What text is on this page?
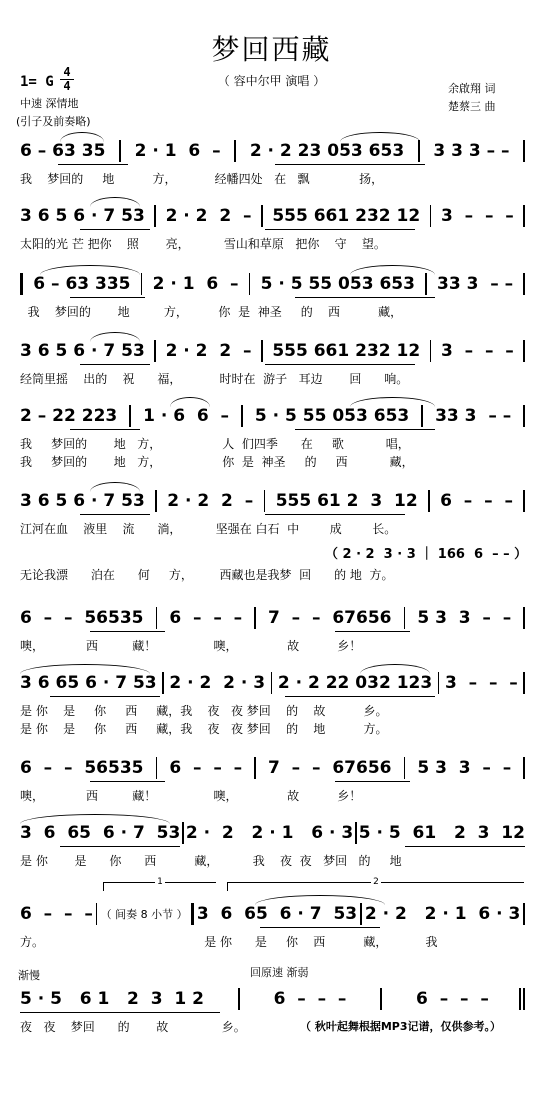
梦回西藏
（ 容中尔甲 演唱 ）
1= G
4
4
中速 深情地
(引子及前奏略)
余啟翔 词
楚蔡三 曲
6 – 63 35 2 · 1  6  – 2 · 2 23 053 653 3 3 3 – –
我    梦回的     地          方，          经幡四处   在   飘             扬，
3 6 5 6 · 7 53 2 · 2  2  – 555 661 232 12 3  –  –  –
太阳的光 芒 把你    照       亮，         雪山和草原   把你    守    望。
6 – 63 335 2 · 1  6  – 5 · 5 55 053 653 33 3  – –
我    梦回的       地         方，        你  是  神圣     的    西          藏，
3 6 5 6 · 7 53 2 · 2  2  – 555 661 232 12 3  –  –  –
经筒里摇    出的    祝      福，          时时在  游子   耳边       回      响。
2 – 22 223 1 · 6  6  – 5 · 5 55 053 653 33 3  – –
我     梦回的       地   方，                人  们四季      在     歌           唱，
我     梦回的       地   方，                你  是  神圣     的     西           藏，
3 6 5 6 · 7 53 2 · 2  2  – 555 61 2  3  12 6  –  –  –
江河在血    液里    流      淌，         坚强在 白石  中        成        长。
（ 2 · 2  3 · 3 ｜ 166  6  – – ）
无论我漂      泊在      何     方，       西藏也是我梦  回      的 地  方。
6  –  –  56535 6  –  –  – 7  –  –  67656 5 3  3  –  –
噢，           西         藏！               噢，             故          乡！
3 6 65 6 · 7 53 2 · 2  2 · 3 2 · 2 22 032 123 3  –  –  –
是 你    是     你     西     藏，我    夜   夜 梦回    的    故          乡。
是 你    是     你     西     藏，我    夜   夜 梦回    的    地          方。
6  –  –  56535 6  –  –  – 7  –  –  67656 5 3  3  –  –
噢，           西         藏！               噢，             故          乡！
3  6  65  6 · 7  53 2 ·  2   2 · 1   6 · 3 5 · 5  61   2  3  12
是 你       是      你      西          藏，         我    夜  夜   梦回   的     地
1	2
6  –  –  – （ 间奏 8 小节 ） 3  6  65  6 · 7  53 2 · 2   2 · 1  6 · 3
方。                                          是 你      是     你    西          藏，          我
渐慢	回原速 渐弱
5 · 5   6 1   2  3  1 2	6  –  –  –	6  –  –  –
夜   夜    梦回      的       故              乡。	（ 秋叶起舞根据MP3记谱，仅供参考。）
